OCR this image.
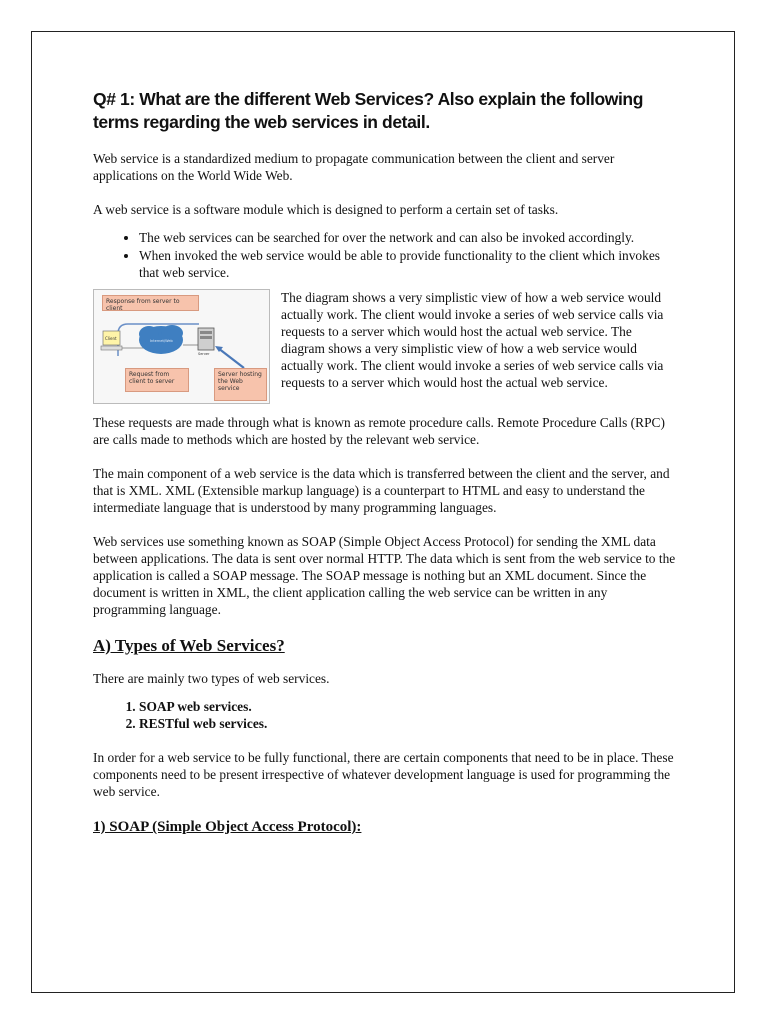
Q# 1: What are the different Web Services? Also explain the following terms regarding the web services in detail.

Web service is a standardized medium to propagate communication between the client and server applications on the World Wide Web.

A web service is a software module which is designed to perform a certain set of tasks.

• The web services can be searched for over the network and can also be invoked accordingly.
• When invoked the web service would be able to provide functionality to the client which invokes that web service.
Response from server to client
Client	Internet/Web
Server
Request from client to server
Server hosting the Web service
The diagram shows a very simplistic view of how a web service would actually work. The client would invoke a series of web service calls via requests to a server which would host the actual web service. The diagram shows a very simplistic view of how a web service would actually work. The client would invoke a series of web service calls via requests to a server which would host the actual web service.

These requests are made through what is known as remote procedure calls. Remote Procedure Calls (RPC) are calls made to methods which are hosted by the relevant web service.

The main component of a web service is the data which is transferred between the client and the server, and that is XML. XML (Extensible markup language) is a counterpart to HTML and easy to understand the intermediate language that is understood by many programming languages.

Web services use something known as SOAP (Simple Object Access Protocol) for sending the XML data between applications. The data is sent over normal HTTP. The data which is sent from the web service to the application is called a SOAP message. The SOAP message is nothing but an XML document. Since the document is written in XML, the client application calling the web service can be written in any programming language.

A) Types of Web Services?

There are mainly two types of web services.

1. SOAP web services.
2. RESTful web services.

In order for a web service to be fully functional, there are certain components that need to be in place. These components need to be present irrespective of whatever development language is used for programming the web service.

1) SOAP (Simple Object Access Protocol):
